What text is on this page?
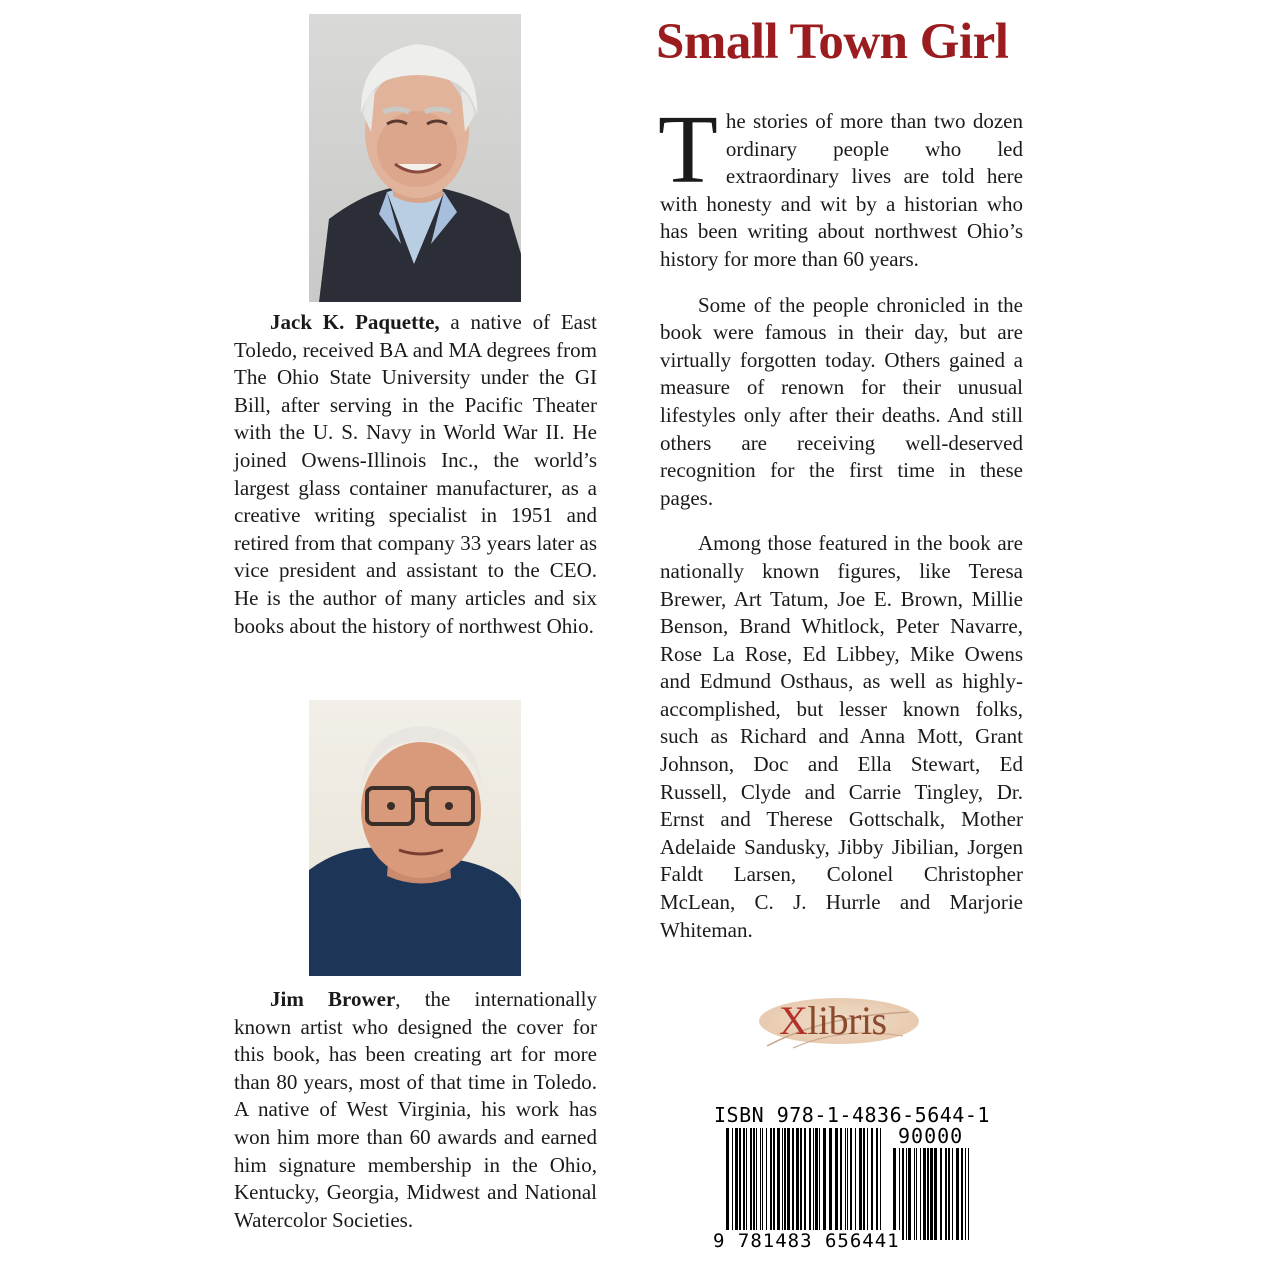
Jack K. Paquette, a native of East Toledo, received BA and MA degrees from The Ohio State University under the GI Bill, after serving in the Pacific Theater with the U. S. Navy in World War II. He joined Owens-Illinois Inc., the world’s largest glass container manufacturer, as a creative writing specialist in 1951 and retired from that company 33 years later as vice president and assistant to the CEO. He is the author of many articles and six books about the history of northwest Ohio.

Jim Brower, the internationally known artist who designed the cover for this book, has been creating art for more than 80 years, most of that time in Toledo. A native of West Virginia, his work has won him more than 60 awards and earned him signature membership in the Ohio, Kentucky, Georgia, Midwest and National Watercolor Societies.

Small Town Girl

The stories of more than two dozen ordinary people who led extraordinary lives are told here with honesty and wit by a historian who has been writing about northwest Ohio’s history for more than 60 years.

Some of the people chronicled in the book were famous in their day, but are virtually forgotten today. Others gained a measure of renown for their unusual lifestyles only after their deaths. And still others are receiving well-deserved recognition for the first time in these pages.

Among those featured in the book are nationally known figures, like Teresa Brewer, Art Tatum, Joe E. Brown, Millie Benson, Brand Whitlock, Peter Navarre, Rose La Rose, Ed Libbey, Mike Owens and Edmund Osthaus, as well as highly-accomplished, but lesser known folks, such as Richard and Anna Mott, Grant Johnson, Doc and Ella Stewart, Ed Russell, Clyde and Carrie Tingley, Dr. Ernst and Therese Gottschalk, Mother Adelaide Sandusky, Jibby Jibilian, Jorgen Faldt Larsen, Colonel Christopher McLean, C. J. Hurrle and Marjorie Whiteman.

Xlibris
ISBN 978-1-4836-5644-1
90000
9 781483 656441
